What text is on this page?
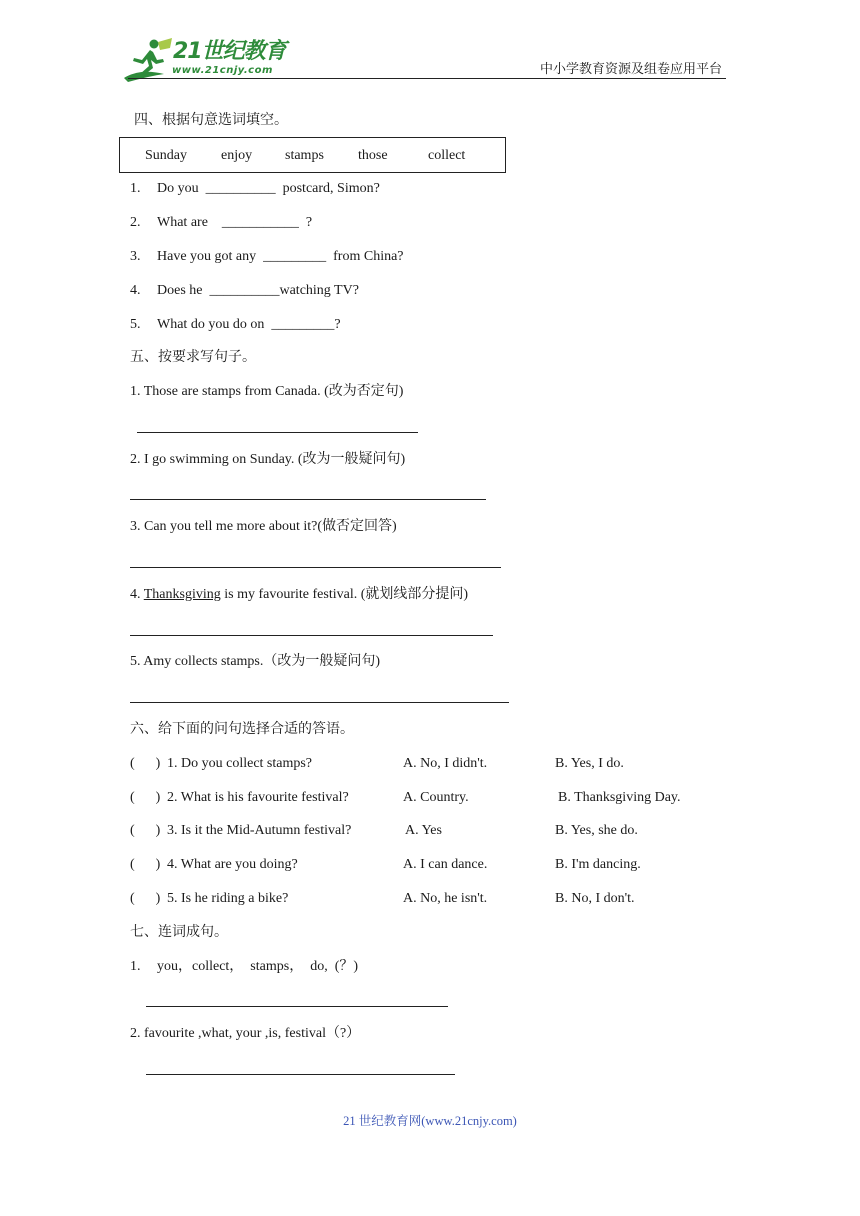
21世纪教育
www.21cnjy.com	中小学教育资源及组卷应用平台
四、根据句意选词填空。
Sunday enjoy stamps those	collect
1. Do you  __________  postcard, Simon?
2. What are    ___________  ?
3. Have you got any  _________  from China?
4. Does he  __________watching TV?
5. What do you do on  _________?
五、按要求写句子。
1. Those are stamps from Canada. (改为否定句)
2. I go swimming on Sunday. (改为一般疑问句)
3. Can you tell me more about it?(做否定回答)
4. Thanksgiving is my favourite festival. (就划线部分提问)
5. Amy collects stamps.（改为一般疑问句)
六、给下面的问句选择合适的答语。
(      ) 1. Do you collect stamps?	A. No, I didn't.	B. Yes, I do.
(      ) 2. What is his favourite festival?	A. Country.	B. Thanksgiving Day.
(      ) 3. Is it the Mid-Autumn festival?	A. Yes	B. Yes, she do.
(      ) 4. What are you doing?	A. I can dance.	B. I'm dancing.
(      ) 5. Is he riding a bike?	A. No, he isn't.	B. No, I don't.
七、连词成句。
1. you，collect，  stamps，  do,  (？)
2. favourite ,what, your ,is, festival（?）
21 世纪教育网(www.21cnjy.com)
